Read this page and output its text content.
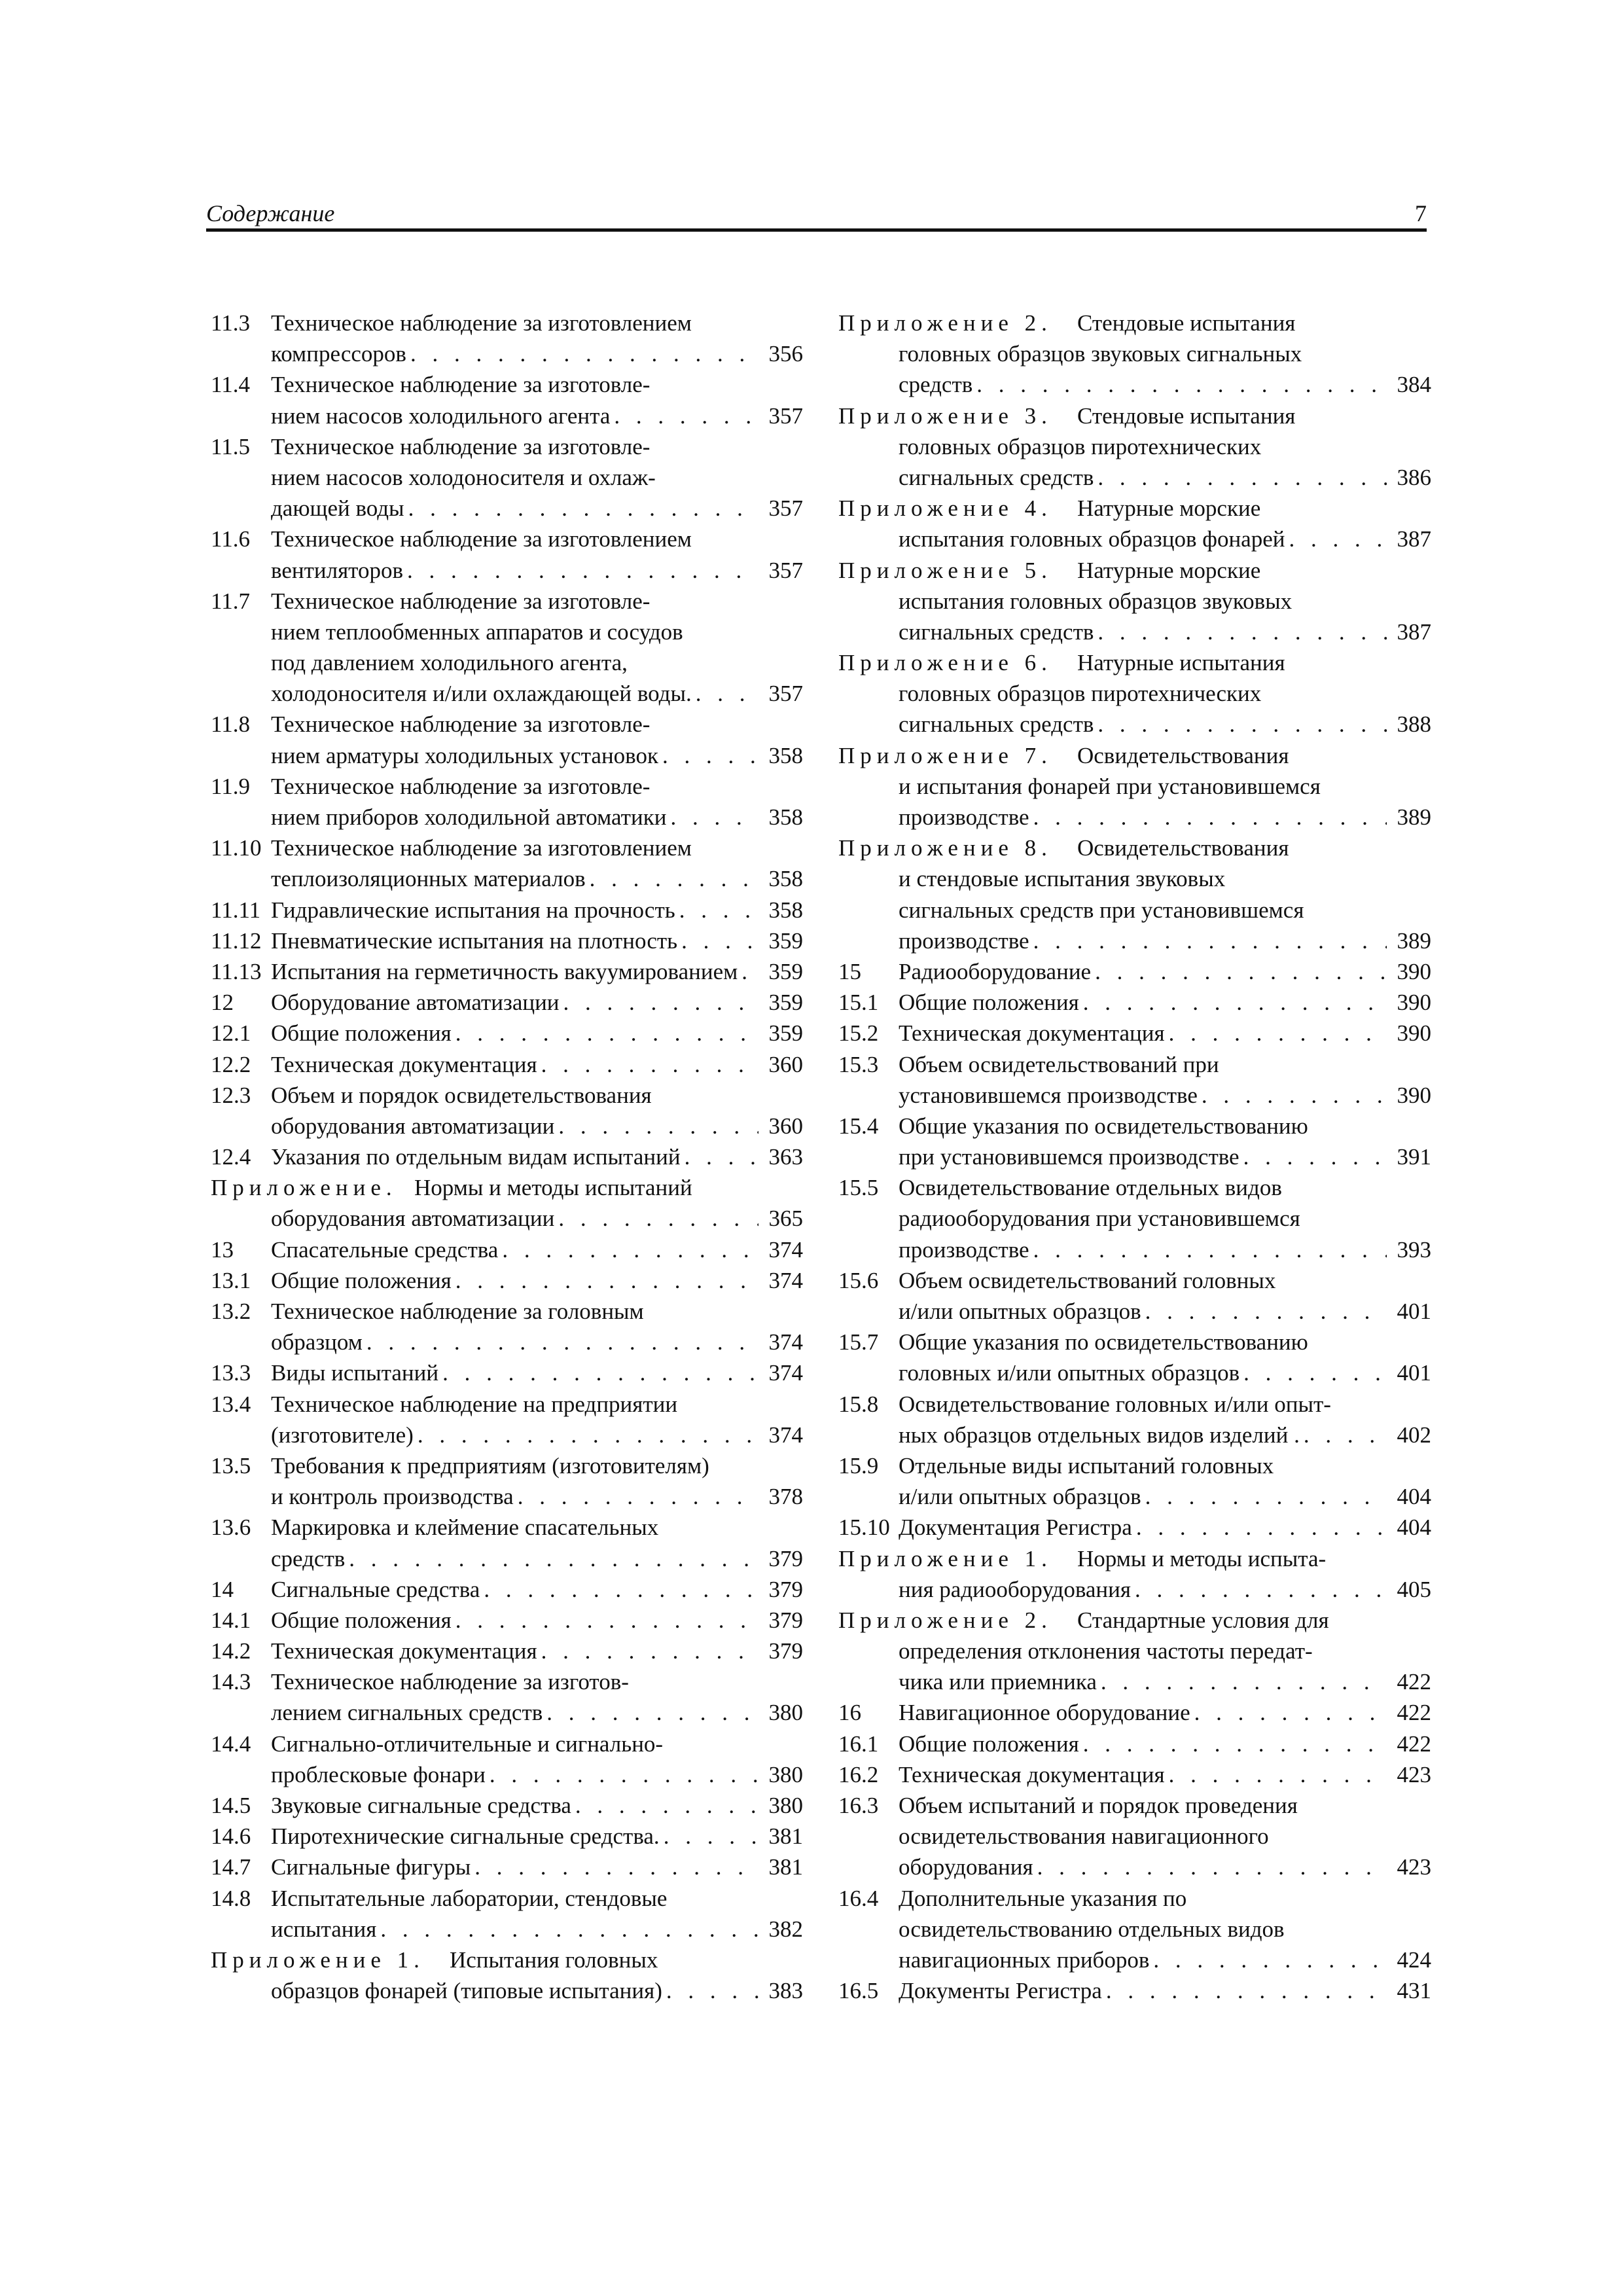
Содержание	7
11.3 Техническое наблюдение за изготовлением
компрессоров . . .	356
11.4 Техническое наблюдение за изготовле-
нием насосов холодильного агента . . .	357
11.5 Техническое наблюдение за изготовле-
нием насосов холодоносителя и охлаж-
дающей воды . . .	357
11.6 Техническое наблюдение за изготовлением
вентиляторов . . .	357
11.7 Техническое наблюдение за изготовле-
нием теплообменных аппаратов и сосудов
под давлением холодильного агента,
холодоносителя и/или охлаждающей воды. . . .	357
11.8 Техническое наблюдение за изготовле-
нием арматуры холодильных установок . . .	358
11.9 Техническое наблюдение за изготовле-
нием приборов холодильной автоматики . . .	358
11.10 Техническое наблюдение за изготовлением
теплоизоляционных материалов . . .	358
11.11 Гидравлические испытания на прочность . . .	358
11.12 Пневматические испытания на плотность . . .	359
11.13 Испытания на герметичность вакуумированием . . .	359
12 Оборудование автоматизации . . .	359
12.1 Общие положения . . .	359
12.2 Техническая документация . . .	360
12.3 Объем и порядок освидетельствования
оборудования автоматизации . . .	360
12.4 Указания по отдельным видам испытаний . . .	363
Приложение. Нормы и методы испытаний
оборудования автоматизации . . .	365
13 Спасательные средства . . .	374
13.1 Общие положения . . .	374
13.2 Техническое наблюдение за головным
образцом . . .	374
13.3 Виды испытаний . . .	374
13.4 Техническое наблюдение на предприятии
(изготовителе) . . .	374
13.5 Требования к предприятиям (изготовителям)
и контроль производства . . .	378
13.6 Маркировка и клеймение спасательных
средств . . .	379
14 Сигнальные средства . . .	379
14.1 Общие положения . . .	379
14.2 Техническая документация . . .	379
14.3 Техническое наблюдение за изготов-
лением сигнальных средств . . .	380
14.4 Сигнально-отличительные и сигнально-
проблесковые фонари . . .	380
14.5 Звуковые сигнальные средства . . .	380
14.6 Пиротехнические сигнальные средства. . . .	381
14.7 Сигнальные фигуры . . .	381
14.8 Испытательные лаборатории, стендовые
испытания . . .	382
Приложение 1. Испытания головных
образцов фонарей (типовые испытания) . . .	383
Приложение 2. Стендовые испытания
головных образцов звуковых сигнальных
средств . . .	384
Приложение 3. Стендовые испытания
головных образцов пиротехнических
сигнальных средств . . .	386
Приложение 4. Натурные морские
испытания головных образцов фонарей . . .	387
Приложение 5. Натурные морские
испытания головных образцов звуковых
сигнальных средств . . .	387
Приложение 6. Натурные испытания
головных образцов пиротехнических
сигнальных средств . . .	388
Приложение 7. Освидетельствования
и испытания фонарей при установившемся
производстве . . .	389
Приложение 8. Освидетельствования
и стендовые испытания звуковых
сигнальных средств при установившемся
производстве . . .	389
15 Радиооборудование . . .	390
15.1 Общие положения . . .	390
15.2 Техническая документация . . .	390
15.3 Объем освидетельствований при
установившемся производстве . . .	390
15.4 Общие указания по освидетельствованию
при установившемся производстве . . .	391
15.5 Освидетельствование отдельных видов
радиооборудования при установившемся
производстве . . .	393
15.6 Объем освидетельствований головных
и/или опытных образцов . . .	401
15.7 Общие указания по освидетельствованию
головных и/или опытных образцов . . .	401
15.8 Освидетельствование головных и/или опыт-
ных образцов отдельных видов изделий . . . .	402
15.9 Отдельные виды испытаний головных
и/или опытных образцов . . .	404
15.10 Документация Регистра . . .	404
Приложение 1. Нормы и методы испыта-
ния радиооборудования . . .	405
Приложение 2. Стандартные условия для
определения отклонения частоты передат-
чика или приемника . . .	422
16 Навигационное оборудование . . .	422
16.1 Общие положения . . .	422
16.2 Техническая документация . . .	423
16.3 Объем испытаний и порядок проведения
освидетельствования навигационного
оборудования . . .	423
16.4 Дополнительные указания по
освидетельствованию отдельных видов
навигационных приборов . . .	424
16.5 Документы Регистра . . .	431
